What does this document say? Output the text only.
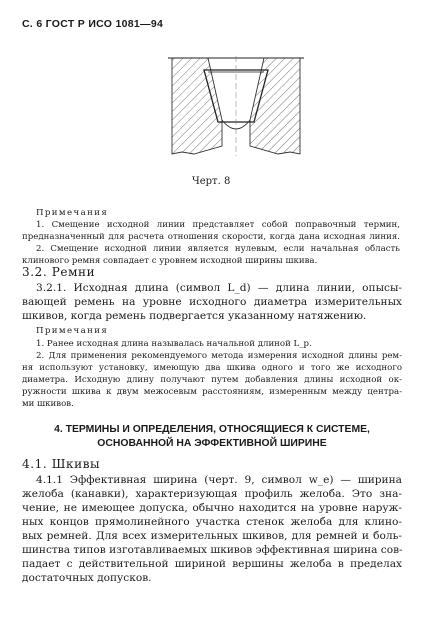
С. 6 ГОСТ Р ИСО 1081—94
Черт. 8
Примечания
1. Смещение исходной линии представляет собой поправочный термин,
предназначенный для расчета отношения скорости, когда дана исходная линия.
2. Смещение исходной линии является нулевым, если начальная область
клинового ремня совпадает с уровнем исходной ширины шкива.
3.2. Ремни
3.2.1. Исходная длина (символ L_d) — длина линии, опысы-
вающей ремень на уровне исходного диаметра измерительных
шкивов, когда ремень подвергается указанному натяжению.
Примечания
1. Ранее исходная длина называлась начальной длиной L_p.
2. Для применения рекомендуемого метода измерения исходной длины рем-
ня используют установку, имеющую два шкива одного и того же исходного
диаметра. Исходную длину получают путем добавления длины исходной ок-
ружности шкива к двум межосевым расстояниям, измеренным между центра-
ми шкивов.
4. ТЕРМИНЫ И ОПРЕДЕЛЕНИЯ, ОТНОСЯЩИЕСЯ К СИСТЕМЕ,
ОСНОВАННОЙ НА ЭФФЕКТИВНОЙ ШИРИНЕ
4.1. Шкивы
4.1.1 Эффективная ширина (черт. 9, символ w_e) — ширина
желоба (канавки), характеризующая профиль желоба. Это зна-
чение, не имеющее допуска, обычно находится на уровне наруж-
ных концов прямолинейного участка стенок желоба для клино-
вых ремней. Для всех измерительных шкивов, для ремней и боль-
шинства типов изготавливаемых шкивов эффективная ширина сов-
падает с действительной шириной вершины желоба в пределах
достаточных допусков.
